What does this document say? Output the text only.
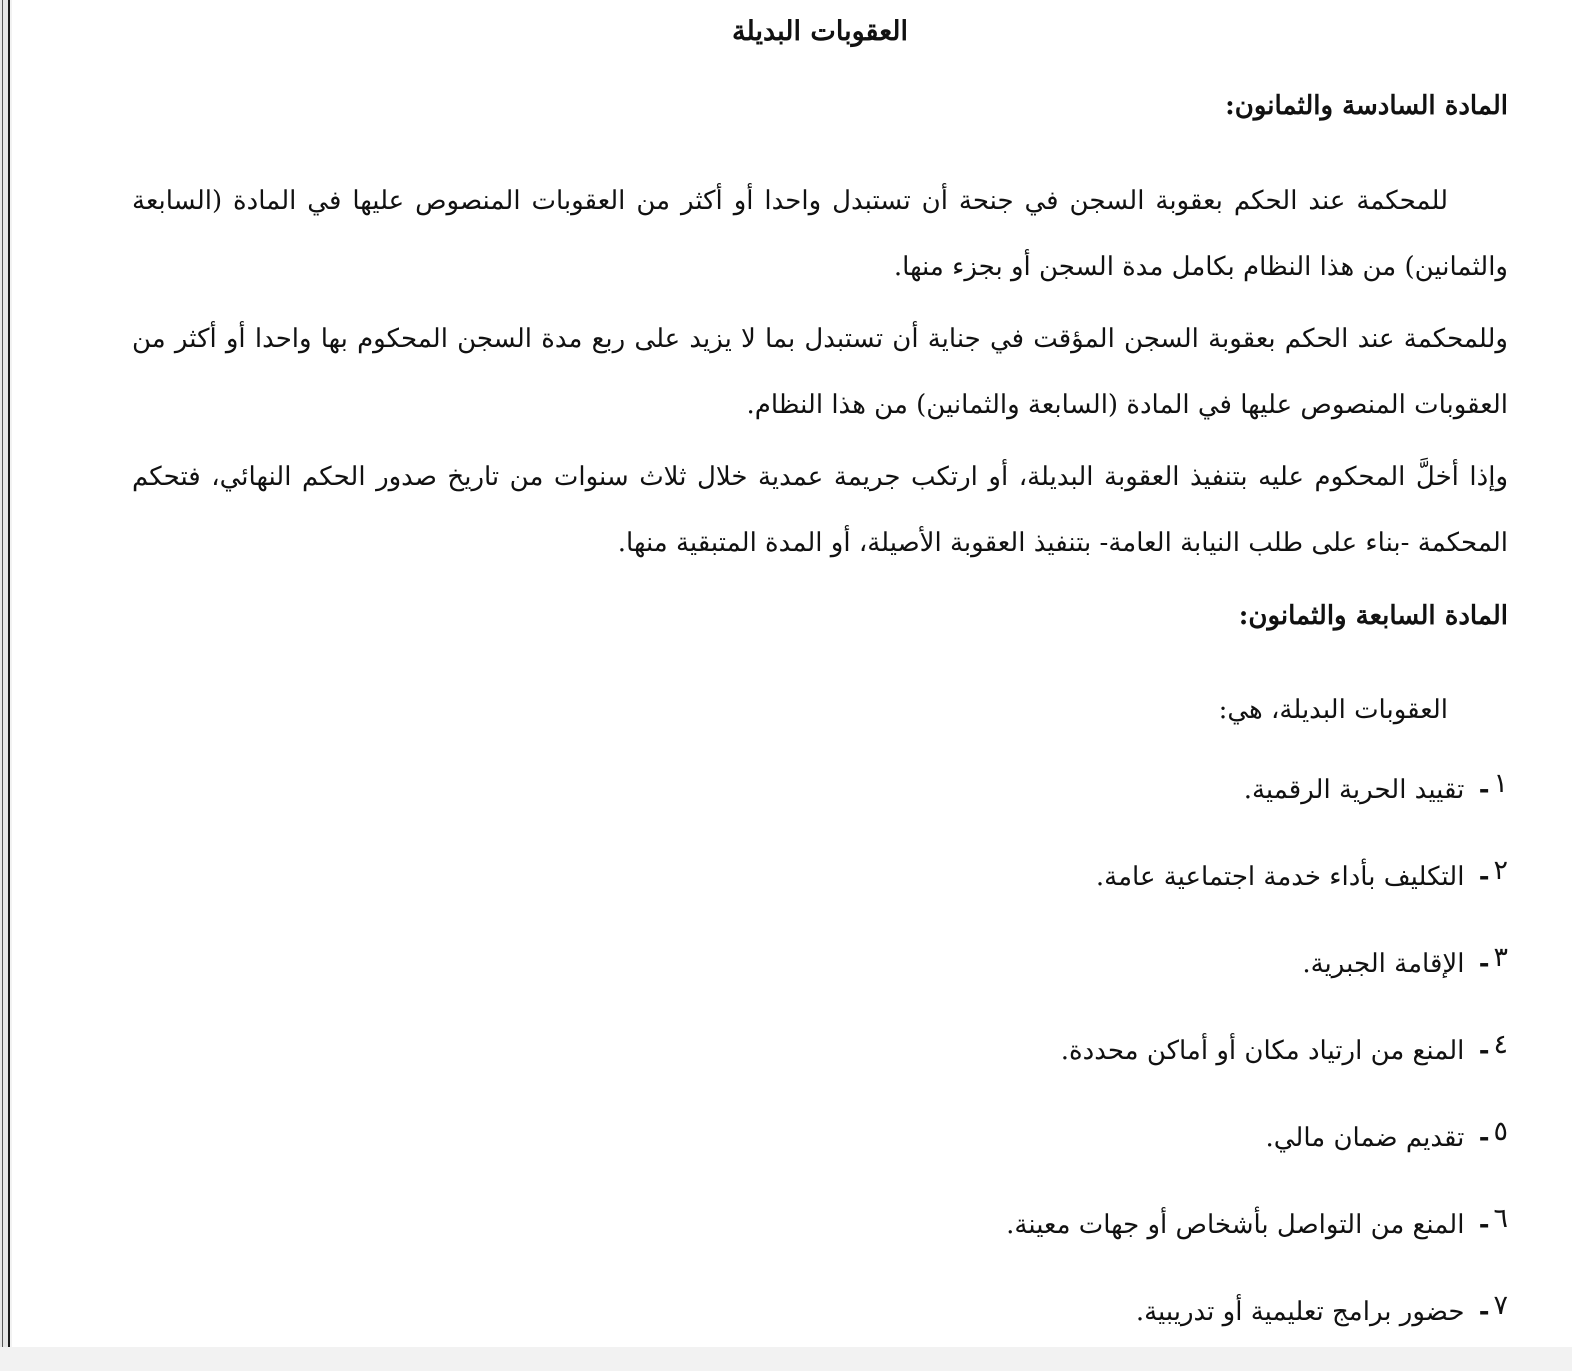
العقوبات البديلة
المادة السادسة والثمانون:

للمحكمة عند الحكم بعقوبة السجن في جنحة أن تستبدل واحدا أو أكثر من العقوبات المنصوص عليها في المادة (السابعة والثمانين) من هذا النظام بكامل مدة السجن أو بجزء منها.

وللمحكمة عند الحكم بعقوبة السجن المؤقت في جناية أن تستبدل بما لا يزيد على ربع مدة السجن المحكوم بها واحدا أو أكثر من العقوبات المنصوص عليها في المادة (السابعة والثمانين) من هذا النظام.

وإذا أخلَّ المحكوم عليه بتنفيذ العقوبة البديلة، أو ارتكب جريمة عمدية خلال ثلاث سنوات من تاريخ صدور الحكم النهائي، فتحكم المحكمة -بناء على طلب النيابة العامة- بتنفيذ العقوبة الأصيلة، أو المدة المتبقية منها.

المادة السابعة والثمانون:

العقوبات البديلة، هي:

١- تقييد الحرية الرقمية.
٢- التكليف بأداء خدمة اجتماعية عامة.
٣- الإقامة الجبرية.
٤- المنع من ارتياد مكان أو أماكن محددة.
٥- تقديم ضمان مالي.
٦- المنع من التواصل بأشخاص أو جهات معينة.
٧- حضور برامج تعليمية أو تدريبية.
